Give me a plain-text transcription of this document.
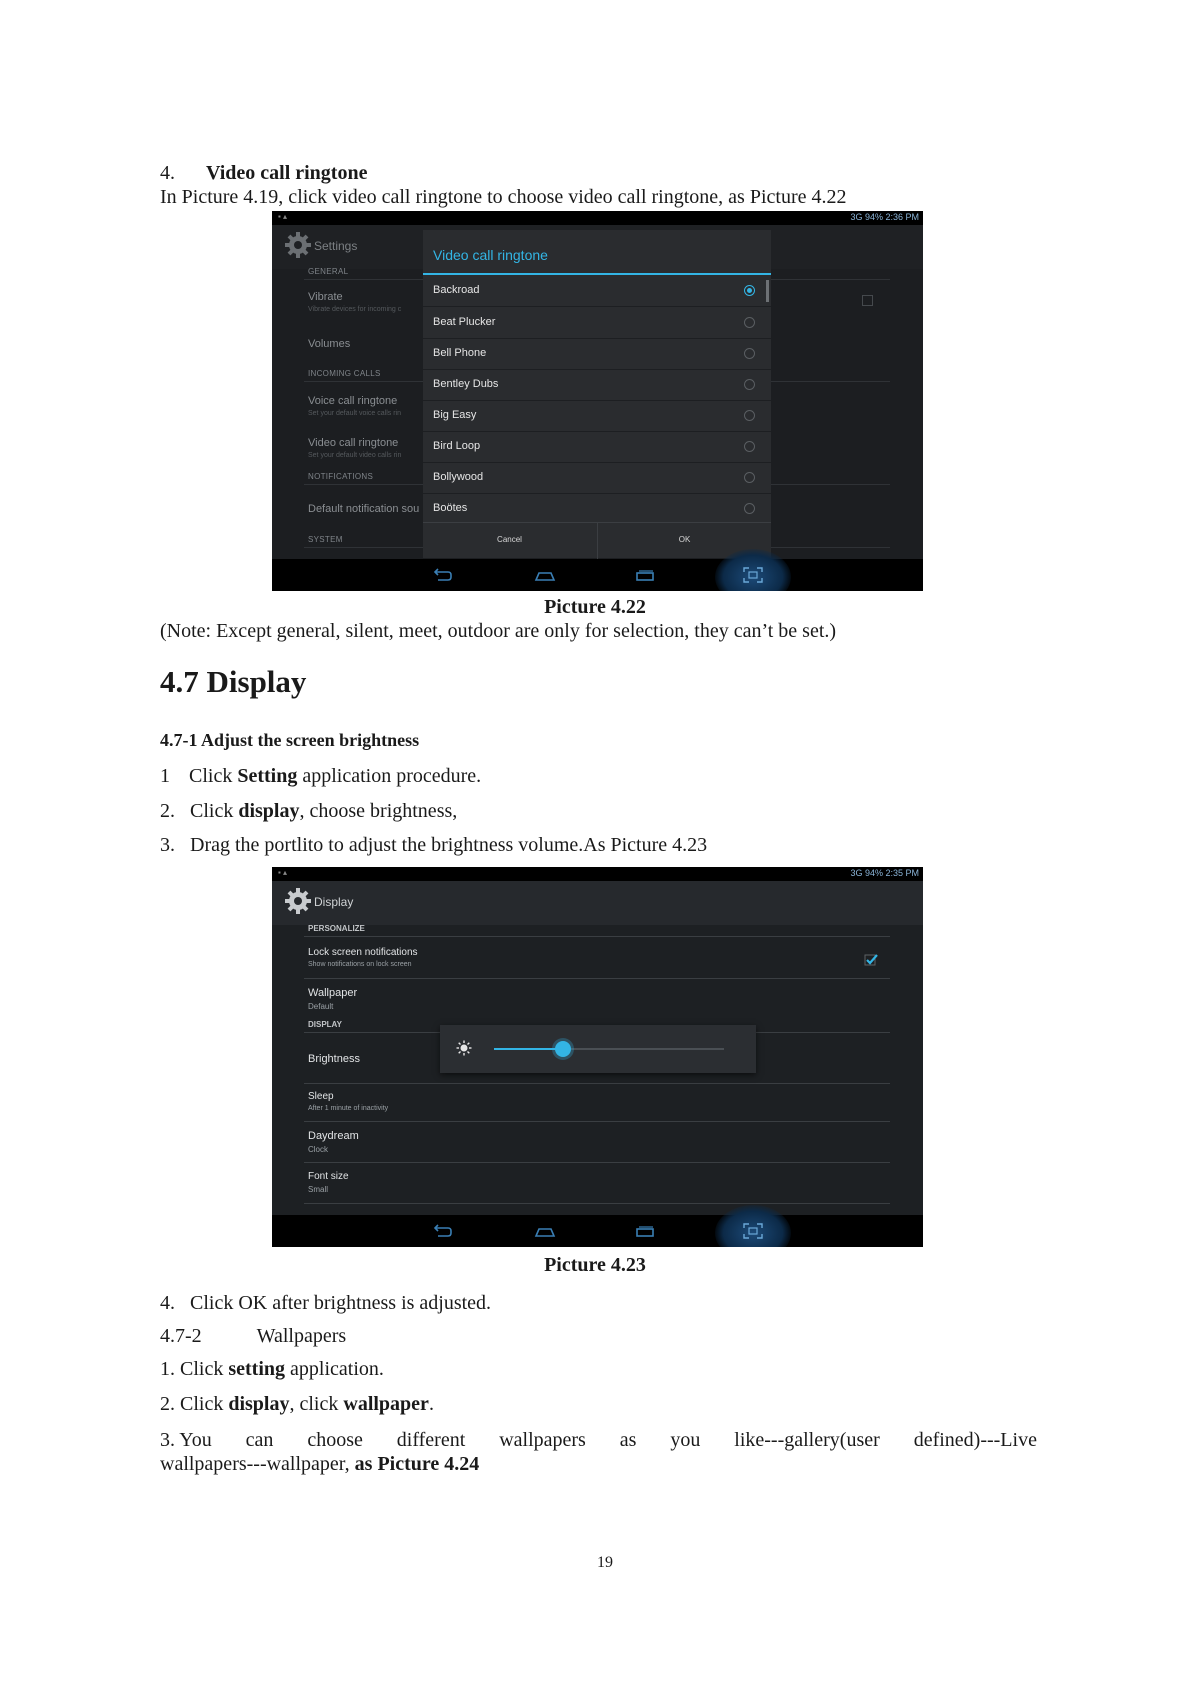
4. Video call ringtone
In Picture 4.19, click video call ringtone to choose video call ringtone, as Picture 4.22
▪ ▴	3G 94% 2:36 PM
Settings
GENERAL
Vibrate
Vibrate devices for incoming c
Volumes
INCOMING CALLS
Voice call ringtone
Set your default voice calls rin
Video call ringtone
Set your default video calls rin
NOTIFICATIONS
Default notification sou
SYSTEM
Video call ringtone
Backroad
Beat Plucker
Bell Phone
Bentley Dubs
Big Easy
Bird Loop
Bollywood
Boötes
Cancel	OK
Picture 4.22
(Note: Except general, silent, meet, outdoor are only for selection, they can’t be set.)
4.7 Display
4.7-1 Adjust the screen brightness
1 Click Setting application procedure.
2. Click display, choose brightness,
3. Drag the portlito to adjust the brightness volume.As Picture 4.23
▪ ▴	3G 94% 2:35 PM
Display
PERSONALIZE
Lock screen notifications
Show notifications on lock screen
Wallpaper
Default
DISPLAY
Brightness
Sleep
After 1 minute of inactivity
Daydream
Clock
Font size
Small
Picture 4.23
4. Click OK after brightness is adjusted.
4.7-2	Wallpapers
1. Click setting application.
2. Click display, click wallpaper.
3. You can choose different wallpapers as you like---gallery(user defined)---Live
wallpapers---wallpaper, as Picture 4.24
19
